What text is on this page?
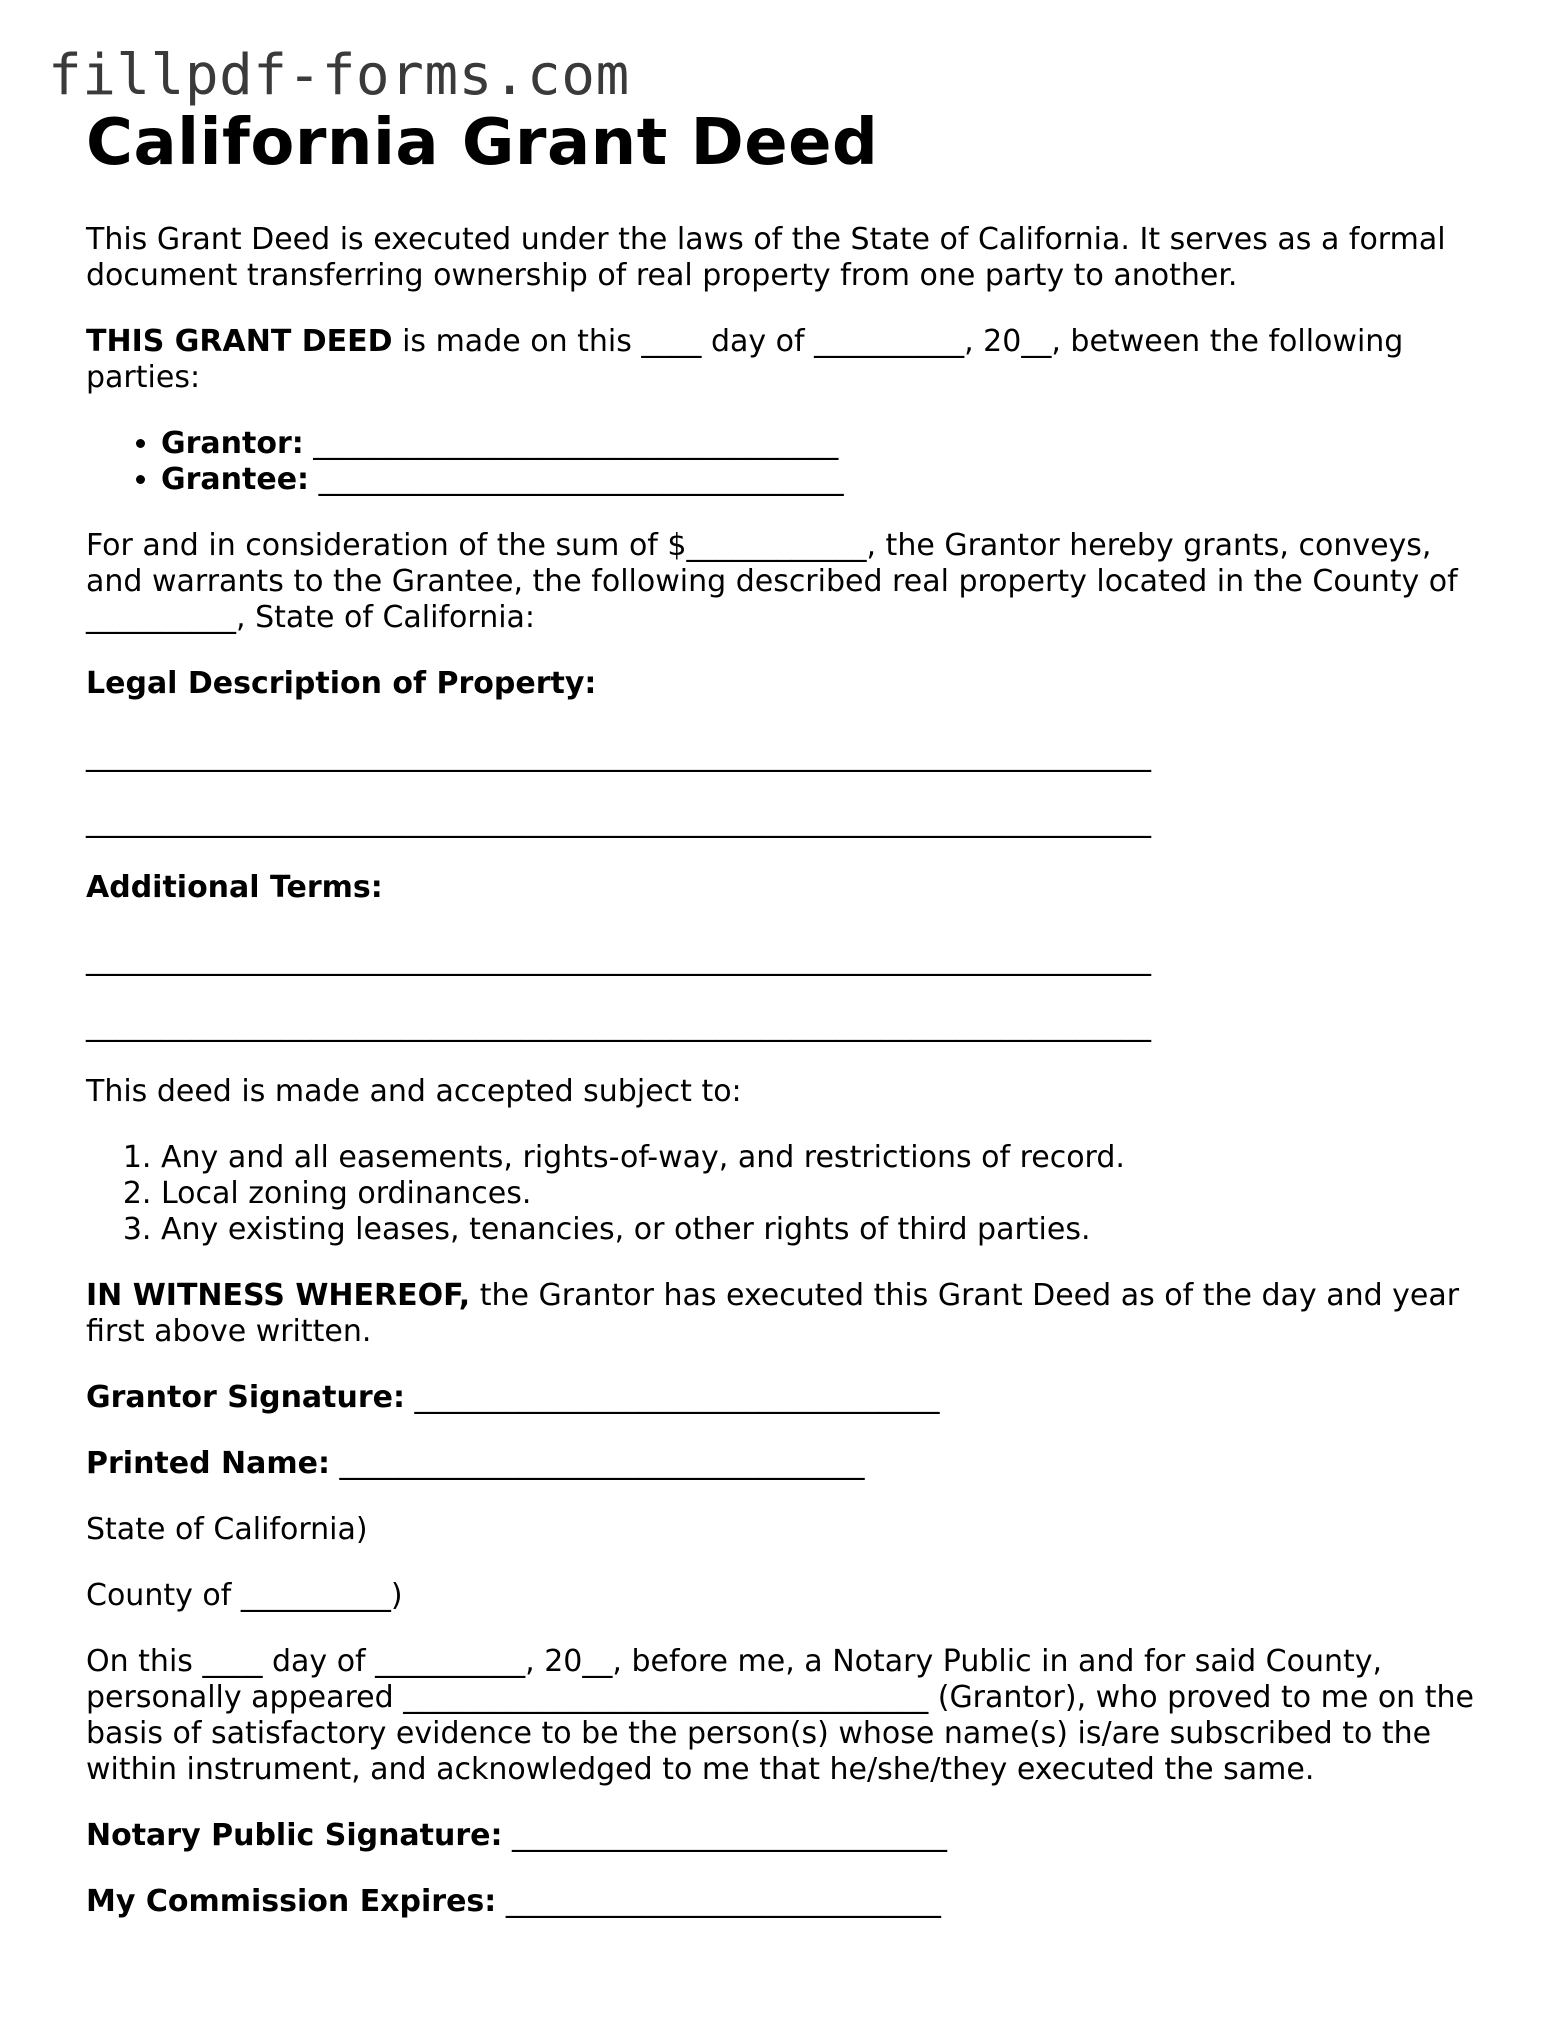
fillpdf-forms.com
California Grant Deed

This Grant Deed is executed under the laws of the State of California. It serves as a formal document transferring ownership of real property from one party to another.

THIS GRANT DEED is made on this ____ day of __________, 20__, between the following parties:

• Grantor: ___________________________________
• Grantee: ___________________________________

For and in consideration of the sum of $____________, the Grantor hereby grants, conveys, and warrants to the Grantee, the following described real property located in the County of __________, State of California:

Legal Description of Property:

_______________________________________________________________________
_______________________________________________________________________

Additional Terms:

_______________________________________________________________________
_______________________________________________________________________

This deed is made and accepted subject to:

1. Any and all easements, rights-of-way, and restrictions of record.
2. Local zoning ordinances.
3. Any existing leases, tenancies, or other rights of third parties.

IN WITNESS WHEREOF, the Grantor has executed this Grant Deed as of the day and year first above written.

Grantor Signature: ___________________________________

Printed Name: ___________________________________

State of California)

County of __________)

On this ____ day of __________, 20__, before me, a Notary Public in and for said County, personally appeared ___________________________________ (Grantor), who proved to me on the basis of satisfactory evidence to be the person(s) whose name(s) is/are subscribed to the within instrument, and acknowledged to me that he/she/they executed the same.

Notary Public Signature: _____________________________

My Commission Expires: _____________________________
